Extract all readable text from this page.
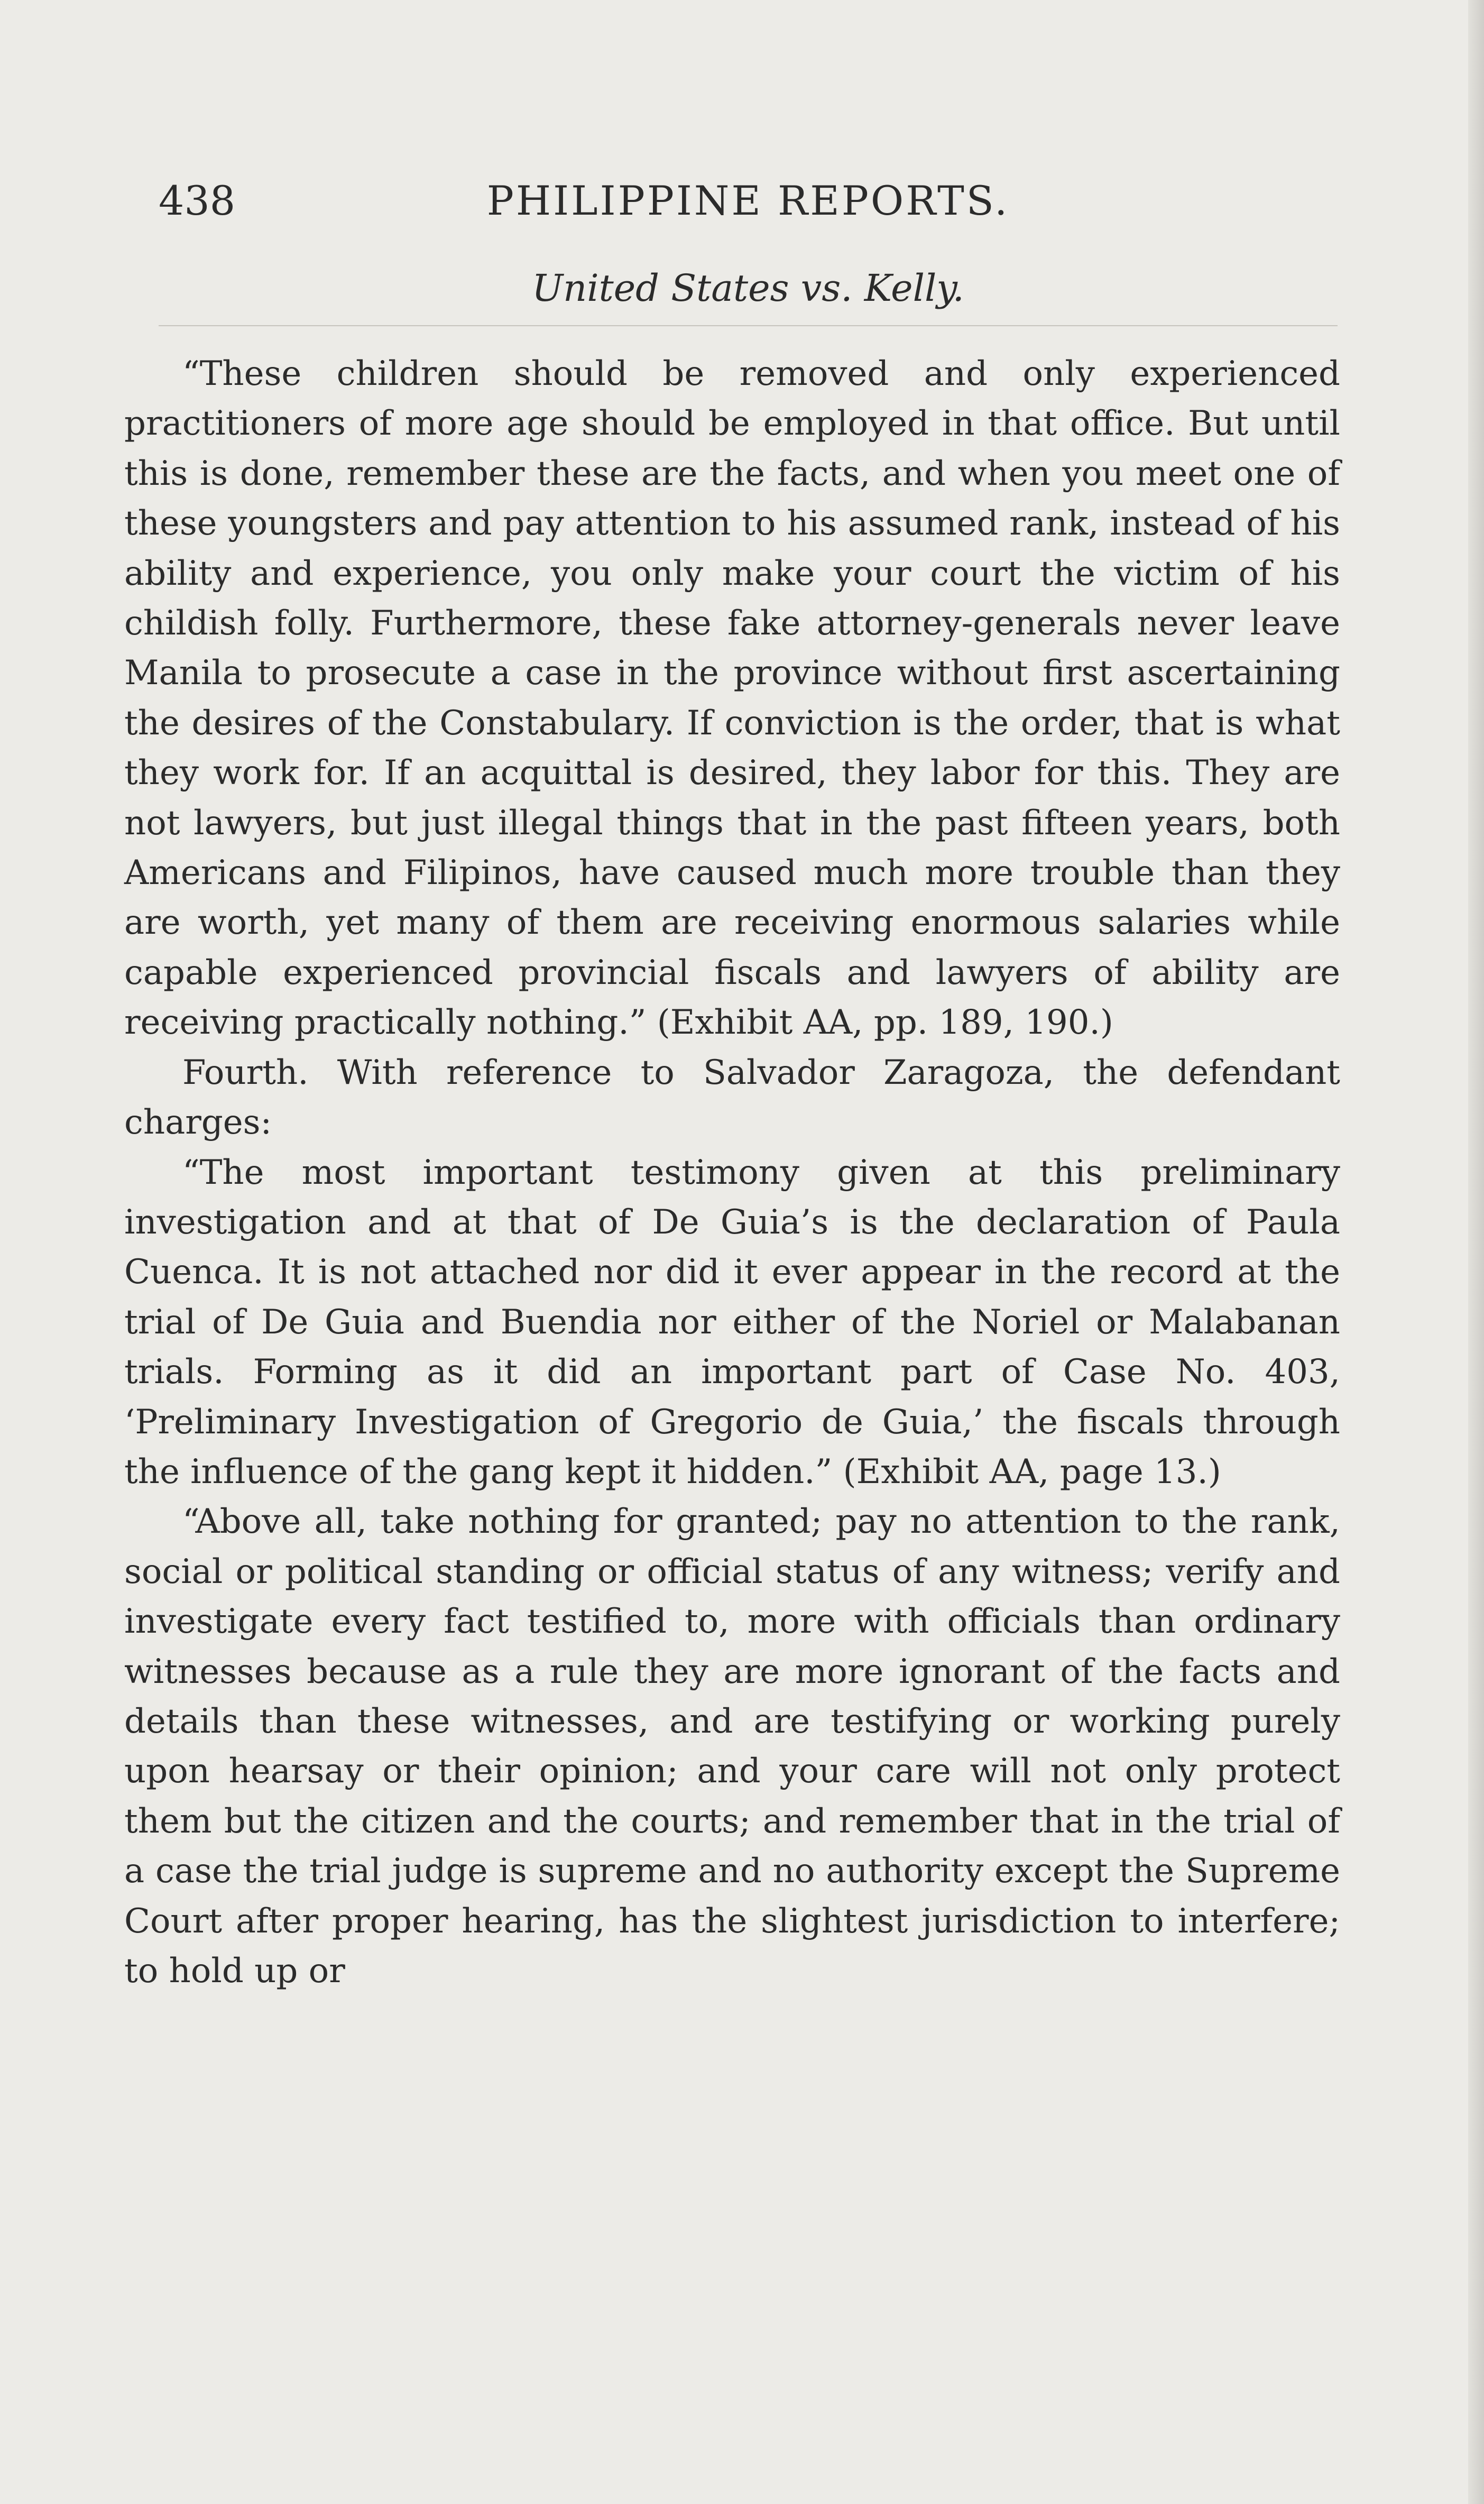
438	PHILIPPINE REPORTS.
United States vs. Kelly.

“These children should be removed and only experienced practitioners of more age should be employed in that office. But until this is done, remember these are the facts, and when you meet one of these youngsters and pay attention to his assumed rank, instead of his ability and experience, you only make your court the victim of his childish folly. Furthermore, these fake attorney-generals never leave Manila to prosecute a case in the province without first ascertaining the desires of the Constabulary. If conviction is the order, that is what they work for. If an acquittal is desired, they labor for this. They are not lawyers, but just illegal things that in the past fifteen years, both Americans and Filipinos, have caused much more trouble than they are worth, yet many of them are receiving enormous salaries while capable experienced provincial fiscals and lawyers of ability are receiving practically nothing.” (Exhibit AA, pp. 189, 190.)

Fourth. With reference to Salvador Zaragoza, the defendant charges:

“The most important testimony given at this preliminary investigation and at that of De Guia’s is the declaration of Paula Cuenca. It is not attached nor did it ever appear in the record at the trial of De Guia and Buendia nor either of the Noriel or Malabanan trials. Forming as it did an important part of Case No. 403, ‘Preliminary Investigation of Gregorio de Guia,’ the fiscals through the influence of the gang kept it hidden.” (Exhibit AA, page 13.)

“Above all, take nothing for granted; pay no attention to the rank, social or political standing or official status of any witness; verify and investigate every fact testified to, more with officials than ordinary witnesses because as a rule they are more ignorant of the facts and details than these witnesses, and are testifying or working purely upon hearsay or their opinion; and your care will not only protect them but the citizen and the courts; and remember that in the trial of a case the trial judge is supreme and no authority except the Supreme Court after proper hearing, has the slightest jurisdiction to interfere; to hold up or
